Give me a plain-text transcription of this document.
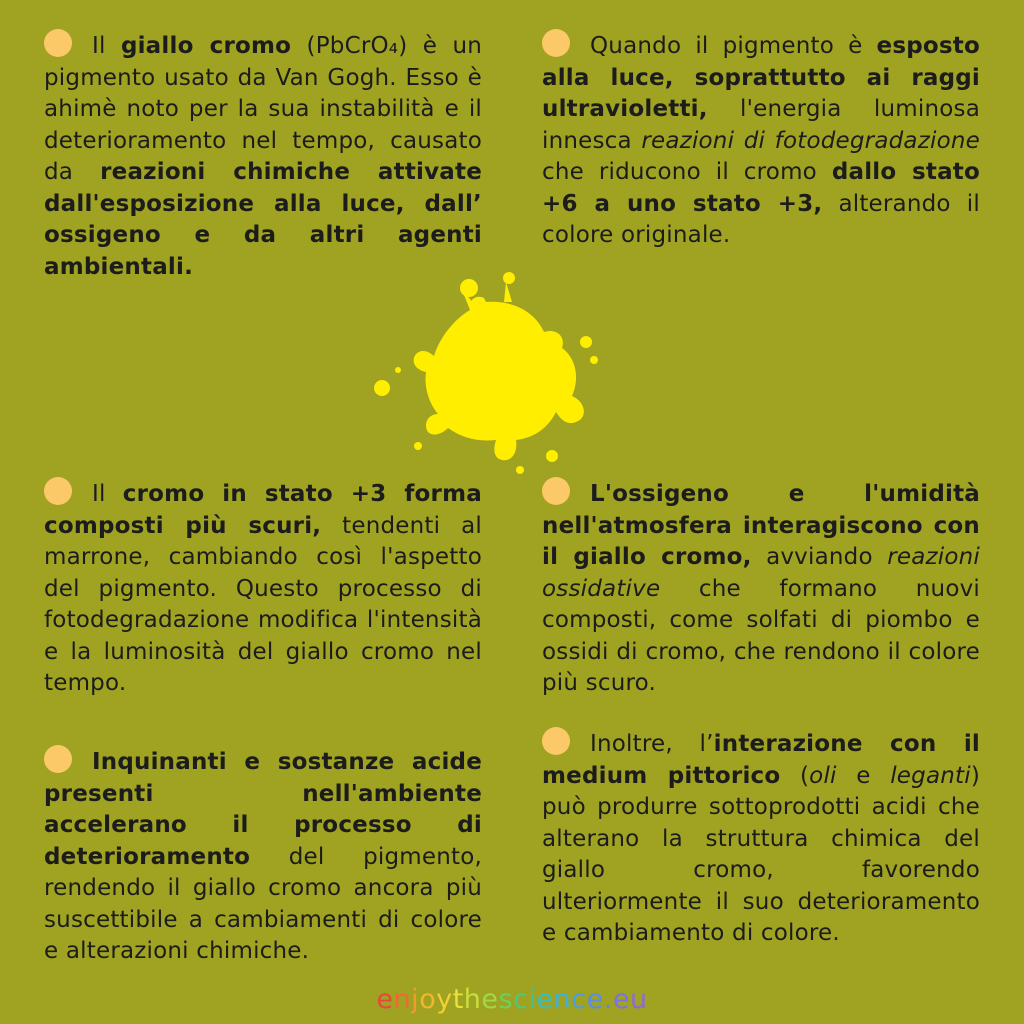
Il giallo cromo (PbCrO₄) è un pigmento usato da Van Gogh. Esso è ahimè noto per la sua instabilità e il deterioramento nel tempo, causato da reazioni chimiche attivate dall'esposizione alla luce, dall’ ossigeno e da altri agenti ambientali.
Quando il pigmento è esposto alla luce, soprattutto ai raggi ultravioletti, l'energia luminosa innesca reazioni di fotodegradazione che riducono il cromo dallo stato +6 a uno stato +3, alterando il colore originale.
Il cromo in stato +3 forma composti più scuri, tendenti al marrone, cambiando così l'aspetto del pigmento. Questo processo di fotodegradazione modifica l'intensità e la luminosità del giallo cromo nel tempo.
L'ossigeno e l'umidità nell'atmosfera interagiscono con il giallo cromo, avviando reazioni ossidative che formano nuovi composti, come solfati di piombo e ossidi di cromo, che rendono il colore più scuro.
Inquinanti e sostanze acide presenti nell'ambiente accelerano il processo di deterioramento del pigmento, rendendo il giallo cromo ancora più suscettibile a cambiamenti di colore e alterazioni chimiche.
Inoltre, l’interazione con il medium pittorico (oli e leganti) può produrre sottoprodotti acidi che alterano la struttura chimica del giallo cromo, favorendo ulteriormente il suo deterioramento e cambiamento di colore.
enjoythescience.eu
